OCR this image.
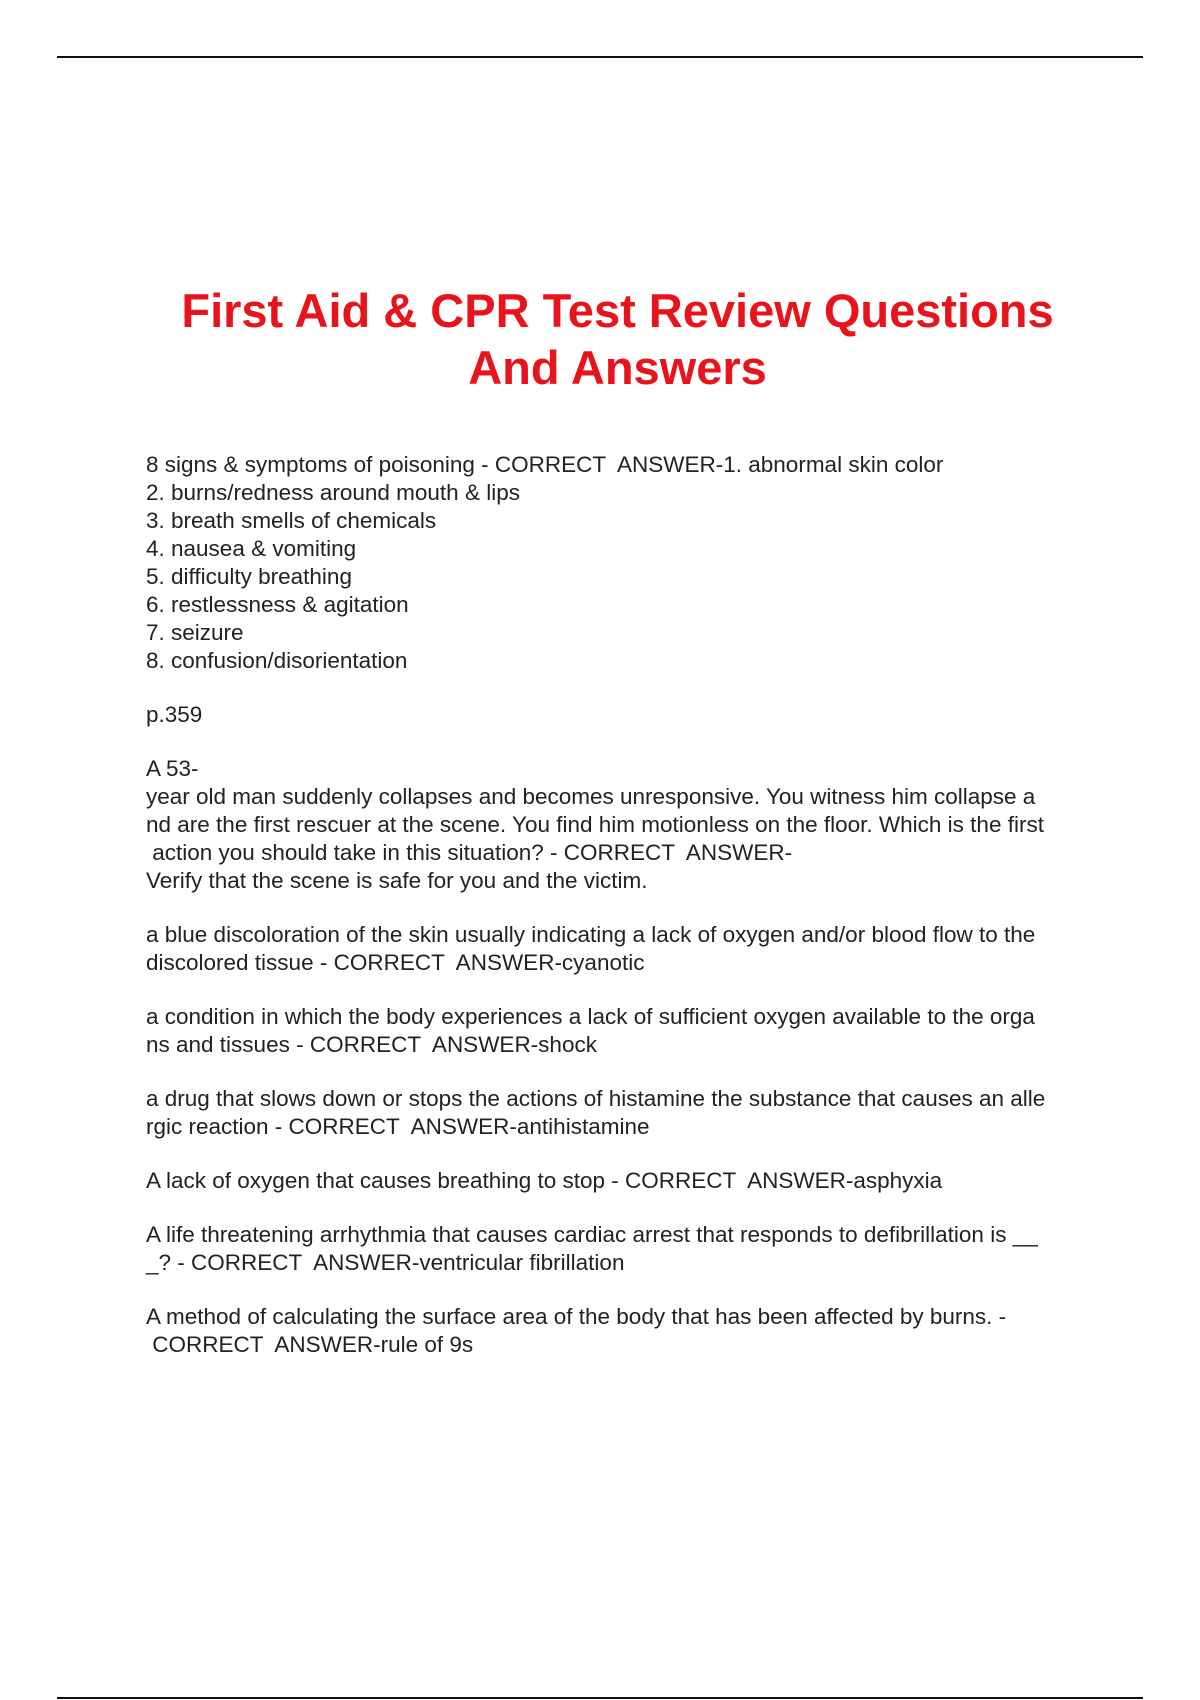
First Aid & CPR Test Review Questions
And Answers

8 signs & symptoms of poisoning - CORRECT  ANSWER-1. abnormal skin color
2. burns/redness around mouth & lips
3. breath smells of chemicals
4. nausea & vomiting
5. difficulty breathing
6. restlessness & agitation
7. seizure
8. confusion/disorientation

p.359

A 53-
year old man suddenly collapses and becomes unresponsive. You witness him collapse a
nd are the first rescuer at the scene. You find him motionless on the floor. Which is the first
action you should take in this situation? - CORRECT  ANSWER-
Verify that the scene is safe for you and the victim.

a blue discoloration of the skin usually indicating a lack of oxygen and/or blood flow to the
discolored tissue - CORRECT  ANSWER-cyanotic

a condition in which the body experiences a lack of sufficient oxygen available to the orga
ns and tissues - CORRECT  ANSWER-shock

a drug that slows down or stops the actions of histamine the substance that causes an alle
rgic reaction - CORRECT  ANSWER-antihistamine

A lack of oxygen that causes breathing to stop - CORRECT  ANSWER-asphyxia

A life threatening arrhythmia that causes cardiac arrest that responds to defibrillation is __
_? - CORRECT  ANSWER-ventricular fibrillation

A method of calculating the surface area of the body that has been affected by burns. -
CORRECT  ANSWER-rule of 9s
